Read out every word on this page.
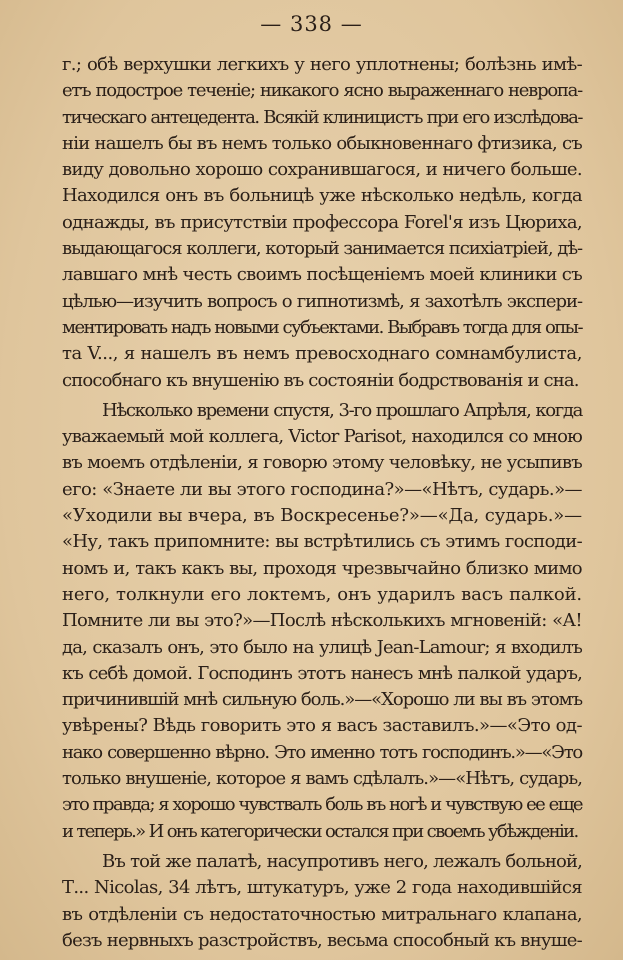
— 338 —
г.; обѣ верхушки легкихъ у него уплотнены; болѣзнь имѣ-
етъ подострое теченіе; никакого ясно выраженнаго невропа-
тическаго антецедента. Всякій клиницистъ при его изслѣдова-
ніи нашелъ бы въ немъ только обыкновеннаго фтизика, съ
виду довольно хорошо сохранившагося, и ничего больше.
Находился онъ въ больницѣ уже нѣсколько недѣль, когда
однажды, въ присутствіи профессора Forel'я изъ Цюриха,
выдающагося коллеги, который занимается психіатріей, дѣ-
лавшаго мнѣ честь своимъ посѣщеніемъ моей клиники съ
цѣлью—изучить вопросъ о гипнотизмѣ, я захотѣлъ экспери-
ментировать надъ новыми субъектами. Выбравъ тогда для опы-
та V..., я нашелъ въ немъ превосходнаго сомнамбулиста,
способнаго къ внушенію въ состояніи бодрствованія и сна.
Нѣсколько времени спустя, 3-го прошлаго Апрѣля, когда
уважаемый мой коллега, Victor Parisot, находился со мною
въ моемъ отдѣленіи, я говорю этому человѣку, не усыпивъ
его: «Знаете ли вы этого господина?»—«Нѣтъ, сударь.»—
«Уходили вы вчера, въ Воскресенье?»—«Да, сударь.»—
«Ну, такъ припомните: вы встрѣтились съ этимъ господи-
номъ и, такъ какъ вы, проходя чрезвычайно близко мимо
него, толкнули его локтемъ, онъ ударилъ васъ палкой.
Помните ли вы это?»—Послѣ нѣсколькихъ мгновеній: «А!
да, сказалъ онъ, это было на улицѣ Jean-Lamour; я входилъ
къ себѣ домой. Господинъ этотъ нанесъ мнѣ палкой ударъ,
причинившій мнѣ сильную боль.»—«Хорошо ли вы въ этомъ
увѣрены? Вѣдь говорить это я васъ заставилъ.»—«Это од-
нако совершенно вѣрно. Это именно тотъ господинъ.»—«Это
только внушеніе, которое я вамъ сдѣлалъ.»—«Нѣтъ, сударь,
это правда; я хорошо чувствалъ боль въ ногѣ и чувствую ее еще
и теперь.» И онъ категорически остался при своемъ убѣжденіи.
Въ той же палатѣ, насупротивъ него, лежалъ больной,
Т... Nicolas, 34 лѣтъ, штукатуръ, уже 2 года находившійся
въ отдѣленіи съ недостаточностью митральнаго клапана,
безъ нервныхъ разстройствъ, весьма способный къ внуше-
